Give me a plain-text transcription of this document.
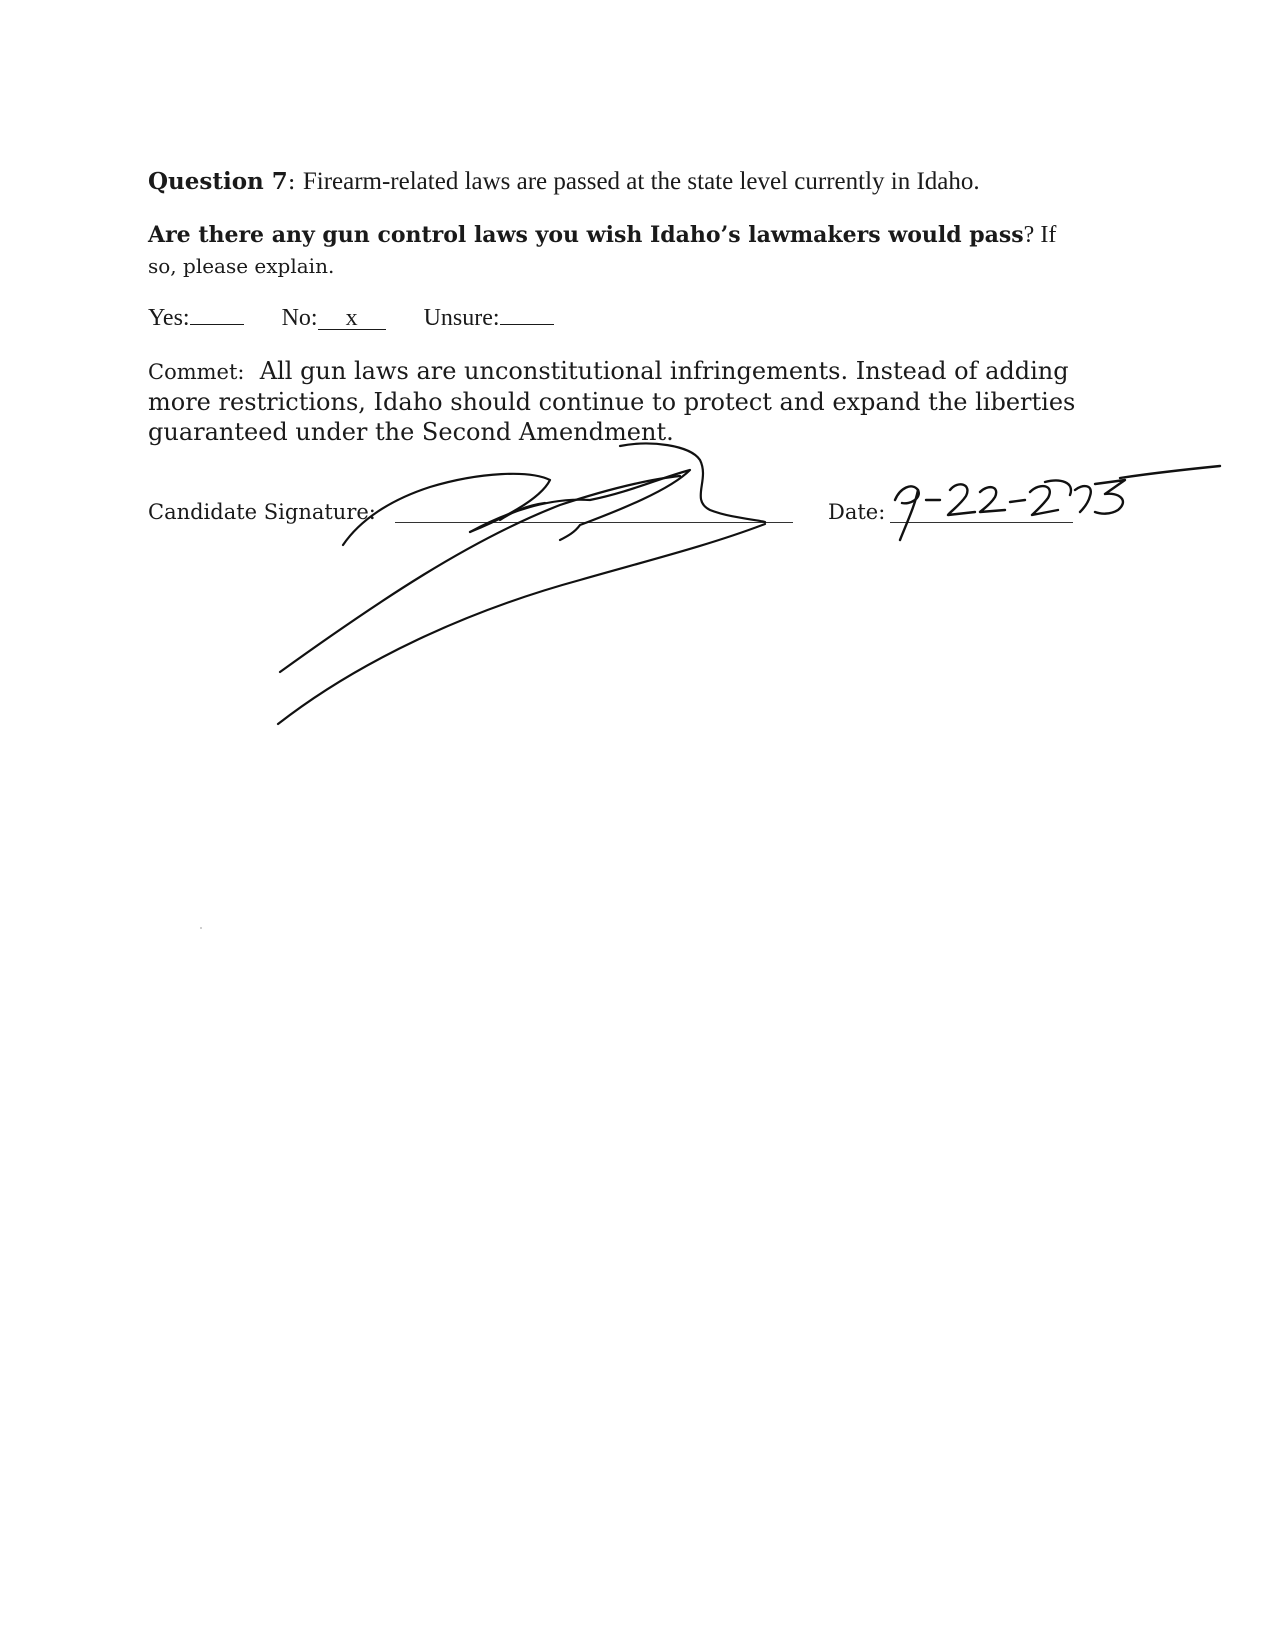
Question 7: Firearm-related laws are passed at the state level currently in Idaho.
Are there any gun control laws you wish Idaho’s lawmakers would pass? If
so, please explain.
Yes:	No: x	Unsure:
Commet: All gun laws are unconstitutional infringements. Instead of adding more restrictions, Idaho should continue to protect and expand the liberties guaranteed under the Second Amendment.
Candidate Signature:	Date:
